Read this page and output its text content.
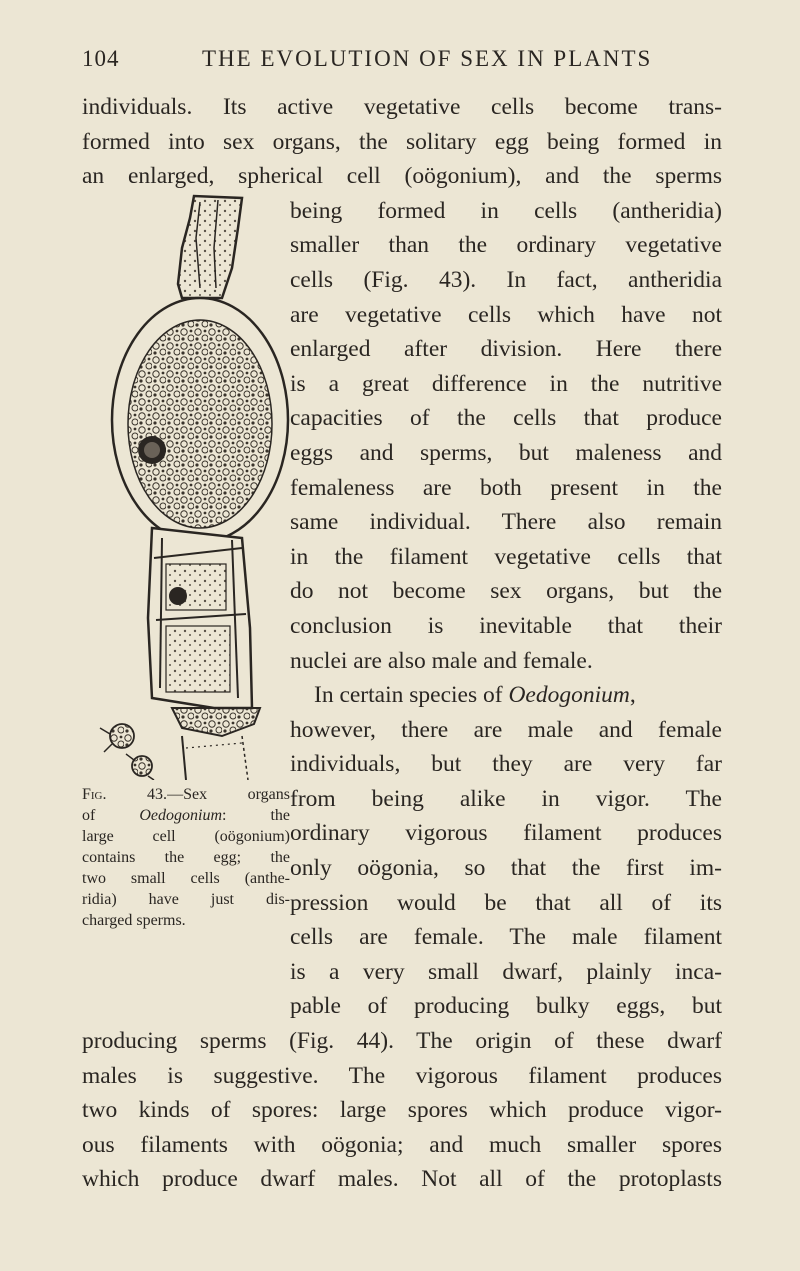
104	THE EVOLUTION OF SEX IN PLANTS
individuals. Its active vegetative cells become trans-
formed into sex organs, the solitary egg being formed in
an enlarged, spherical cell (oögonium), and the sperms
being formed in cells (antheridia)
smaller than the ordinary vegetative
cells (Fig. 43). In fact, antheridia
are vegetative cells which have not
enlarged after division. Here there
is a great difference in the nutritive
capacities of the cells that produce
eggs and sperms, but maleness and
femaleness are both present in the
same individual. There also remain
in the filament vegetative cells that
do not become sex organs, but the
conclusion is inevitable that their
nuclei are also male and female.
In certain species of Oedogonium,
however, there are male and female
individuals, but they are very far
from being alike in vigor. The
ordinary vigorous filament produces
only oögonia, so that the first im-
pression would be that all of its
cells are female. The male filament
is a very small dwarf, plainly inca-
pable of producing bulky eggs, but
producing sperms (Fig. 44). The origin of these dwarf
males is suggestive. The vigorous filament produces
two kinds of spores: large spores which produce vigor-
ous filaments with oögonia; and much smaller spores
which produce dwarf males. Not all of the protoplasts
Fig. 43.—Sex organs
of Oedogonium: the
large cell (oögonium)
contains the egg; the
two small cells (anthe-
ridia) have just dis-
charged sperms.
